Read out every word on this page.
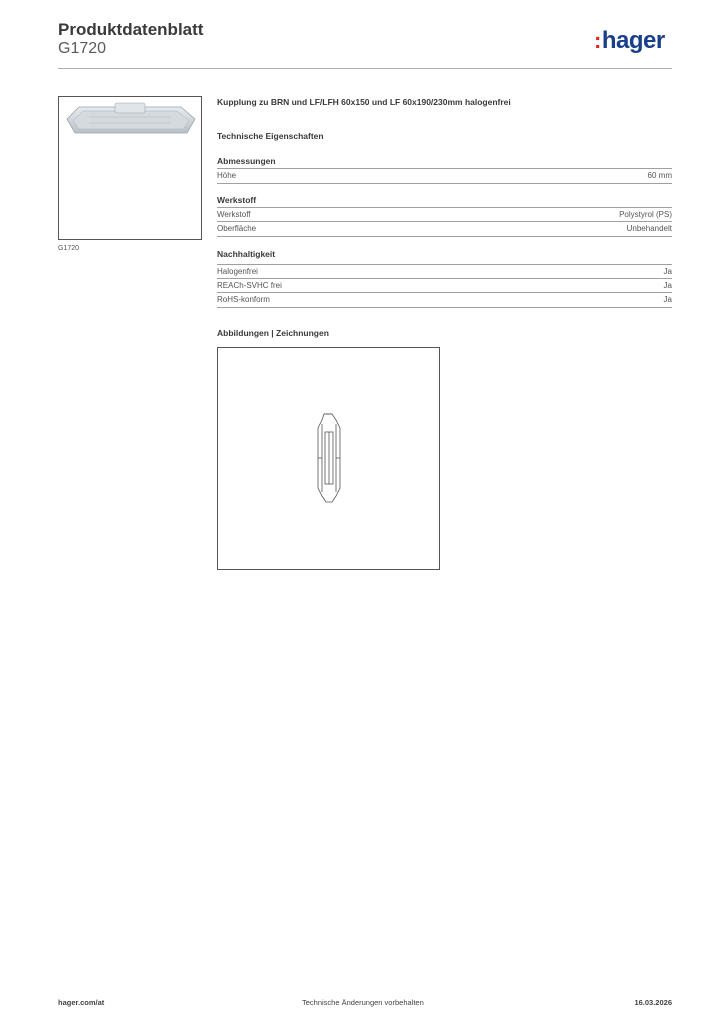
Produktdatenblatt
G1720	:hager
G1720
Kupplung zu BRN und LF/LFH 60x150 und LF 60x190/230mm halogenfrei
Technische Eigenschaften
Abmessungen
Höhe	60 mm
Werkstoff
Werkstoff	Polystyrol (PS)
Oberfläche	Unbehandelt
Nachhaltigkeit
Halogenfrei	Ja
REACh-SVHC frei	Ja
RoHS-konform	Ja
Abbildungen | Zeichnungen
hager.com/at	Technische Änderungen vorbehalten	16.03.2026
